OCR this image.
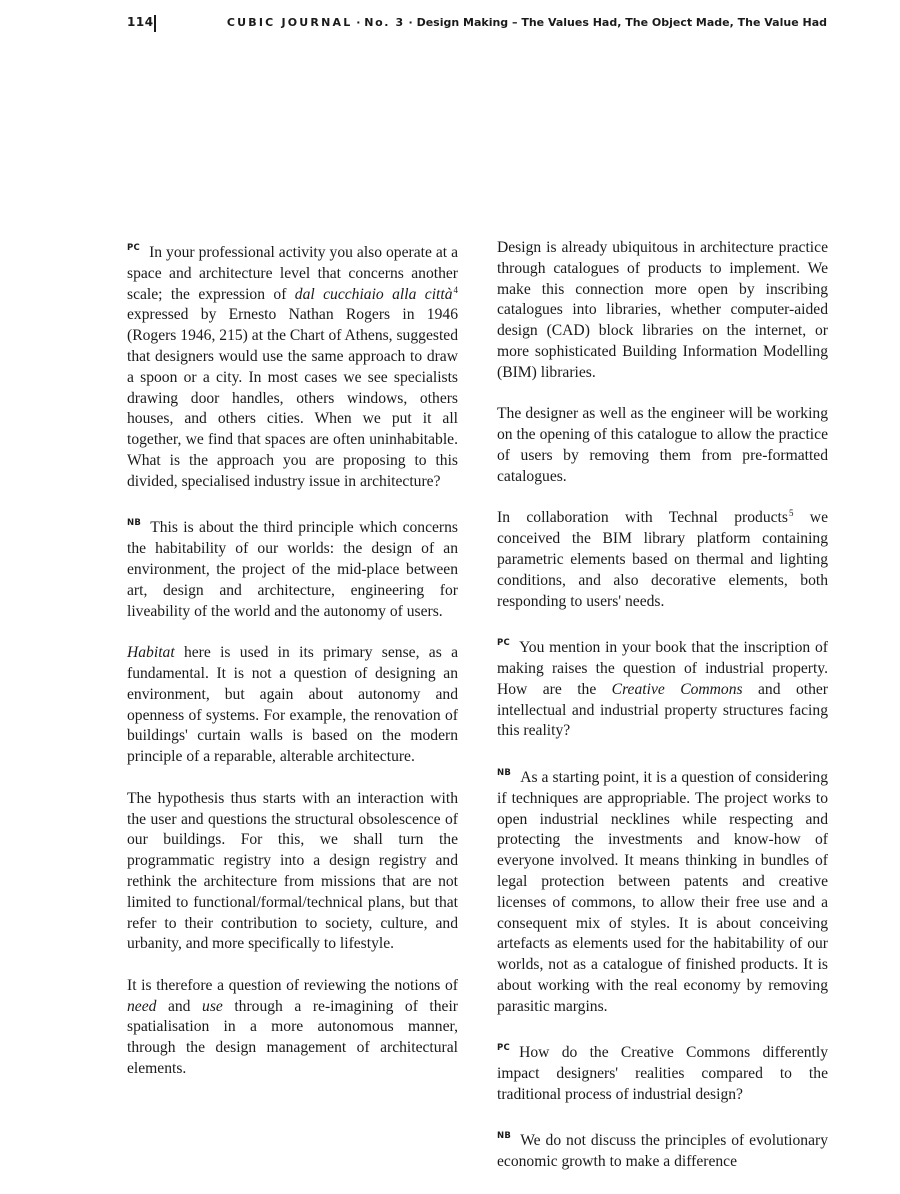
114	CUBIC JOURNAL · No. 3 · Design Making – The Values Had, The Object Made, The Value Had

$^{PC}$ In your professional activity you also operate at a space and architecture level that concerns another scale; the expression of dal cucchiaio alla città$^4$ expressed by Ernesto Nathan Rogers in 1946 (Rogers 1946, 215) at the Chart of Athens, suggested that designers would use the same approach to draw a spoon or a city. In most cases we see specialists drawing door handles, others windows, others houses, and others cities. When we put it all together, we find that spaces are often uninhabitable. What is the approach you are proposing to this divided, specialised industry issue in architecture?

$^{NB}$ This is about the third principle which concerns the habitability of our worlds: the design of an environment, the project of the mid-place between art, design and architecture, engineering for liveability of the world and the autonomy of users.

Habitat here is used in its primary sense, as a fundamental. It is not a question of designing an environment, but again about autonomy and openness of systems. For example, the renovation of buildings' curtain walls is based on the modern principle of a reparable, alterable architecture.

The hypothesis thus starts with an interaction with the user and questions the structural obsolescence of our buildings. For this, we shall turn the programmatic registry into a design registry and rethink the architecture from missions that are not limited to functional/formal/technical plans, but that refer to their contribution to society, culture, and urbanity, and more specifically to lifestyle.

It is therefore a question of reviewing the notions of need and use through a re-imagining of their spatialisation in a more autonomous manner, through the design management of architectural elements.

Design is already ubiquitous in architecture practice through catalogues of products to implement. We make this connection more open by inscribing catalogues into libraries, whether computer-aided design (CAD) block libraries on the internet, or more sophisticated Building Information Modelling (BIM) libraries.

The designer as well as the engineer will be working on the opening of this catalogue to allow the practice of users by removing them from pre-formatted catalogues.

In collaboration with Technal products$^5$ we conceived the BIM library platform containing parametric elements based on thermal and lighting conditions, and also decorative elements, both responding to users' needs.

$^{PC}$ You mention in your book that the inscription of making raises the question of industrial property. How are the Creative Commons and other intellectual and industrial property structures facing this reality?

$^{NB}$ As a starting point, it is a question of considering if techniques are appropriable. The project works to open industrial necklines while respecting and protecting the investments and know-how of everyone involved. It means thinking in bundles of legal protection between patents and creative licenses of commons, to allow their free use and a consequent mix of styles. It is about conceiving artefacts as elements used for the habitability of our worlds, not as a catalogue of finished products. It is about working with the real economy by removing parasitic margins.

$^{PC}$ How do the Creative Commons differently impact designers' realities compared to the traditional process of industrial design?

$^{NB}$ We do not discuss the principles of evolutionary economic growth to make a difference
